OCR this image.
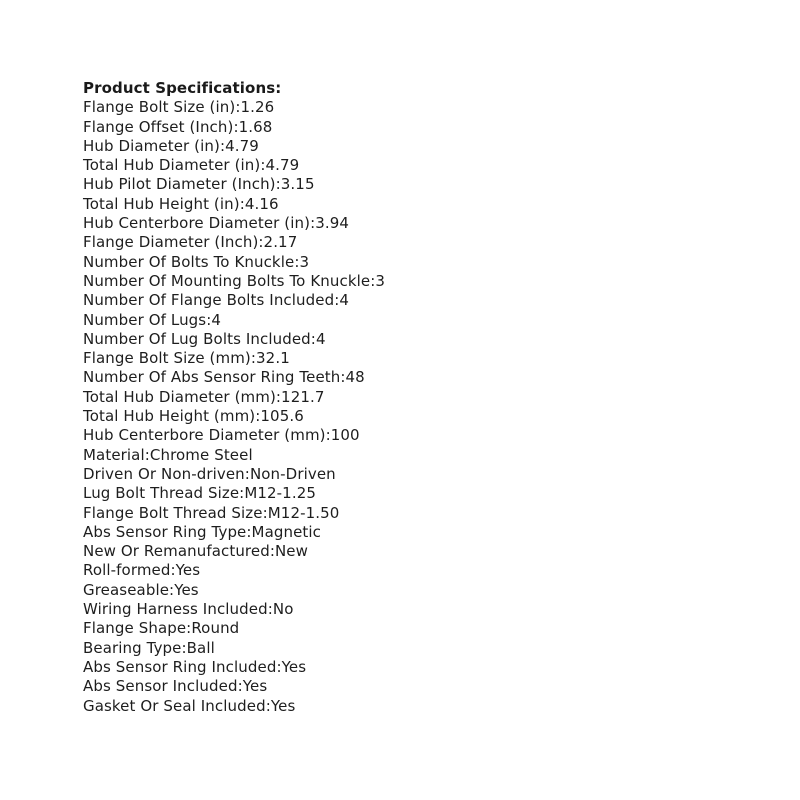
Product Specifications:
Flange Bolt Size (in):1.26
Flange Offset (Inch):1.68
Hub Diameter (in):4.79
Total Hub Diameter (in):4.79
Hub Pilot Diameter (Inch):3.15
Total Hub Height (in):4.16
Hub Centerbore Diameter (in):3.94
Flange Diameter (Inch):2.17
Number Of Bolts To Knuckle:3
Number Of Mounting Bolts To Knuckle:3
Number Of Flange Bolts Included:4
Number Of Lugs:4
Number Of Lug Bolts Included:4
Flange Bolt Size (mm):32.1
Number Of Abs Sensor Ring Teeth:48
Total Hub Diameter (mm):121.7
Total Hub Height (mm):105.6
Hub Centerbore Diameter (mm):100
Material:Chrome Steel
Driven Or Non-driven:Non-Driven
Lug Bolt Thread Size:M12-1.25
Flange Bolt Thread Size:M12-1.50
Abs Sensor Ring Type:Magnetic
New Or Remanufactured:New
Roll-formed:Yes
Greaseable:Yes
Wiring Harness Included:No
Flange Shape:Round
Bearing Type:Ball
Abs Sensor Ring Included:Yes
Abs Sensor Included:Yes
Gasket Or Seal Included:Yes
